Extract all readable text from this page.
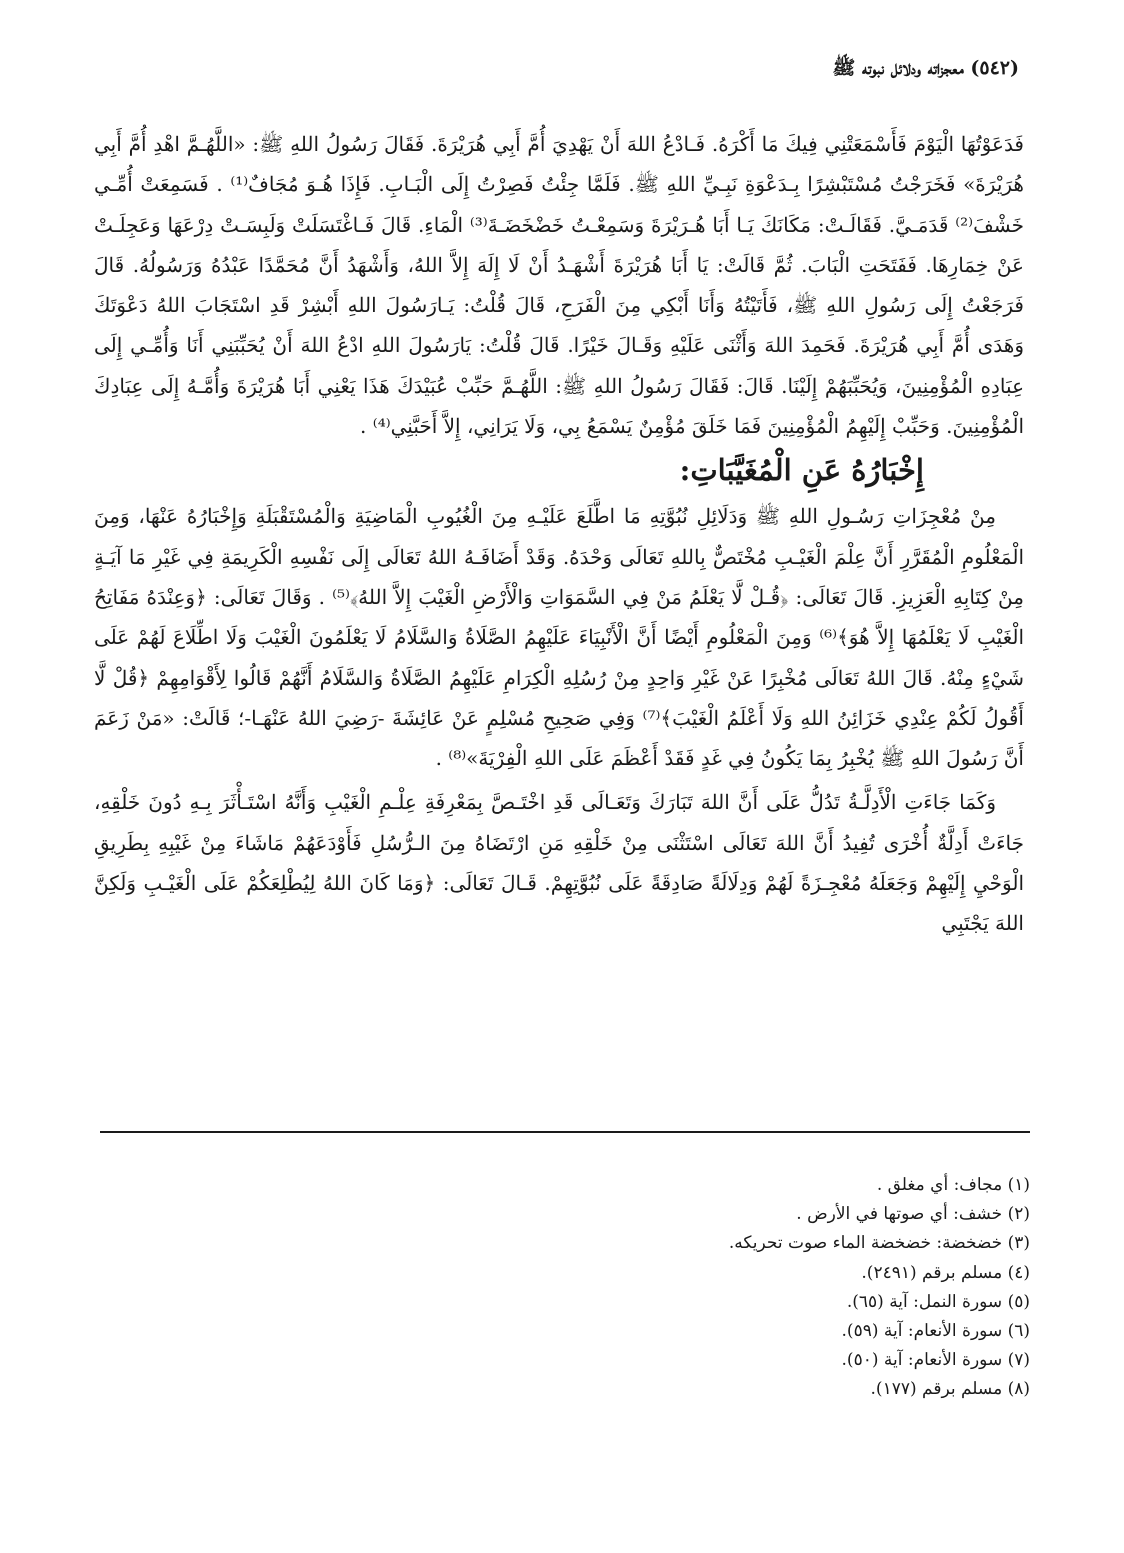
(٥٤٢) معجزاته ودلائل نبوته ﷺ

فَدَعَوْتُهَا الْيَوْمَ فَأَسْمَعَتْنِي فِيكَ مَا أَكْرَهُ. فَـادْعُ اللهَ أَنْ يَهْدِيَ أُمَّ أَبِي هُرَيْرَةَ. فَقَالَ رَسُولُ اللهِ ﷺ: «اللَّهُـمَّ اهْدِ أُمَّ أَبِي هُرَيْرَةَ» فَخَرَجْتُ مُسْتَبْشِرًا بِـدَعْوَةِ نَبِـيِّ اللهِ ﷺ. فَلَمَّا جِئْتُ فَصِرْتُ إِلَى الْبَـابِ. فَإِذَا هُـوَ مُجَافٌ⁽¹⁾ . فَسَمِعَتْ أُمِّـي خَشْفَ⁽²⁾ قَدَمَـيَّ. فَقَالَـتْ: مَكَانَكَ يَـا أَبَا هُـرَيْرَةَ وَسَمِعْـتُ خَضْخَضَـةَ⁽³⁾ الْمَاءِ. قَالَ فَـاغْتَسَلَتْ وَلَبِسَـتْ دِرْعَهَا وَعَجِلَـتْ عَنْ خِمَارِهَا. فَفَتَحَتِ الْبَابَ. ثُمَّ قَالَتْ: يَا أَبَا هُرَيْرَةَ أَشْهَـدُ أَنْ لَا إِلَهَ إِلاَّ اللهُ، وَأَشْهَدُ أَنَّ مُحَمَّدًا عَبْدُهُ وَرَسُولُهُ. قَالَ فَرَجَعْتُ إِلَى رَسُولِ اللهِ ﷺ، فَأَتَيْتُهُ وَأَنَا أَبْكِي مِنَ الْفَرَحِ، قَالَ قُلْتُ: يَـارَسُولَ اللهِ أَبْشِرْ قَدِ اسْتَجَابَ اللهُ دَعْوَتَكَ وَهَدَى أُمَّ أَبِي هُرَيْرَةَ. فَحَمِدَ اللهَ وَأَثْنَى عَلَيْهِ وَقَـالَ خَيْرًا. قَالَ قُلْتُ: يَارَسُولَ اللهِ ادْعُ اللهَ أَنْ يُحَبِّبَنِي أَنَا وَأُمِّـي إِلَى عِبَادِهِ الْمُؤْمِنِينَ، وَيُحَبِّبَهُمْ إِلَيْنَا. قَالَ: فَقَالَ رَسُولُ اللهِ ﷺ: اللَّهُـمَّ حَبِّبْ عُبَيْدَكَ هَذَا يَعْنِي أَبَا هُرَيْرَةَ وَأُمَّـهُ إِلَى عِبَادِكَ الْمُؤْمِنِينَ. وَحَبِّبْ إِلَيْهِمُ الْمُؤْمِنِينَ فَمَا خَلَقَ مُؤْمِنٌ يَسْمَعُ بِي، وَلَا يَرَانِي، إِلاَّ أَحَبَّنِي⁽⁴⁾ .

إِخْبَارُهُ عَنِ الْمُغَيَّبَاتِ:

مِنْ مُعْجِزَاتِ رَسُـولِ اللهِ ﷺ وَدَلَائِلِ نُبُوَّتِهِ مَا اطَّلَعَ عَلَيْـهِ مِنَ الْغُيُوبِ الْمَاضِيَةِ وَالْمُسْتَقْبَلَةِ وَإِخْبَارُهُ عَنْهَا، وَمِنَ الْمَعْلُومِ الْمُقَرَّرِ أَنَّ عِلْمَ الْغَيْـبِ مُخْتَصٌّ بِاللهِ تَعَالَى وَحْدَهُ. وَقَدْ أَضَافَـهُ اللهُ تَعَالَى إِلَى نَفْسِهِ الْكَرِيمَةِ فِي غَيْرِ مَا آيَـةٍ مِنْ كِتَابِهِ الْعَزِيزِ. قَالَ تَعَالَى: ﴿قُـلْ لَّا يَعْلَمُ مَنْ فِي السَّمَوَاتِ وَالْأَرْضِ الْغَيْبَ إِلاَّ اللهُ﴾⁽⁵⁾ . وَقَالَ تَعَالَى: ﴿وَعِنْدَهُ مَفَاتِحُ الْغَيْبِ لَا يَعْلَمُهَا إِلاَّ هُوَ﴾⁽⁶⁾ وَمِنَ الْمَعْلُومِ أَيْضًا أَنَّ الْأَنْبِيَاءَ عَلَيْهِمُ الصَّلَاةُ وَالسَّلَامُ لَا يَعْلَمُونَ الْغَيْبَ وَلَا اطِّلَاعَ لَهُمْ عَلَى شَيْءٍ مِنْهُ. قَالَ اللهُ تَعَالَى مُخْبِرًا عَنْ غَيْرِ وَاحِدٍ مِنْ رُسُلِهِ الْكِرَامِ عَلَيْهِمُ الصَّلَاةُ وَالسَّلَامُ أَنَّهُمْ قَالُوا لِأَقْوَامِهِمْ ﴿قُلْ لَّا أَقُولُ لَكُمْ عِنْدِي خَزَائِنُ اللهِ وَلَا أَعْلَمُ الْغَيْبَ﴾⁽⁷⁾ وَفِي صَحِيحِ مُسْلِمٍ عَنْ عَائِشَةَ -رَضِيَ اللهُ عَنْهَـا-؛ قَالَتْ: «مَنْ زَعَمَ أَنَّ رَسُولَ اللهِ ﷺ يُخْبِرُ بِمَا يَكُونُ فِي غَدٍ فَقَدْ أَعْظَمَ عَلَى اللهِ الْفِرْيَةَ»⁽⁸⁾ .

وَكَمَا جَاءَتِ الْأَدِلَّـةُ تَدُلُّ عَلَى أَنَّ اللهَ تَبَارَكَ وَتَعَـالَى قَدِ اخْتَـصَّ بِمَعْرِفَةِ عِلْـمِ الْغَيْبِ وَأَنَّهُ اسْتَـأْثَرَ بِـهِ دُونَ خَلْقِهِ، جَاءَتْ أَدِلَّةٌ أُخْرَى تُفِيدُ أَنَّ اللهَ تَعَالَى اسْتَثْنَى مِنْ خَلْقِهِ مَنِ ارْتَضَاهُ مِنَ الـرُّسُلِ فَأَوْدَعَهُمْ مَاشَاءَ مِنْ غَيْبِهِ بِطَرِيقِ الْوَحْيِ إِلَيْهِمْ وَجَعَلَهُ مُعْجِـزَةً لَهُمْ وَدِلَالَةً صَادِقَةً عَلَى نُبُوَّتِهِمْ. قَـالَ تَعَالَى: ﴿وَمَا كَانَ اللهُ لِيُطْلِعَكُمْ عَلَى الْغَيْـبِ وَلَكِنَّ اللهَ يَجْتَبِي

(١) مجاف: أي مغلق .
(٢) خشف: أي صوتها في الأرض .
(٣) خضخضة: خضخضة الماء صوت تحريكه.
(٤) مسلم برقم (٢٤٩١).
(٥) سورة النمل: آية (٦٥).
(٦) سورة الأنعام: آية (٥٩).
(٧) سورة الأنعام: آية (٥٠).
(٨) مسلم برقم (١٧٧).
